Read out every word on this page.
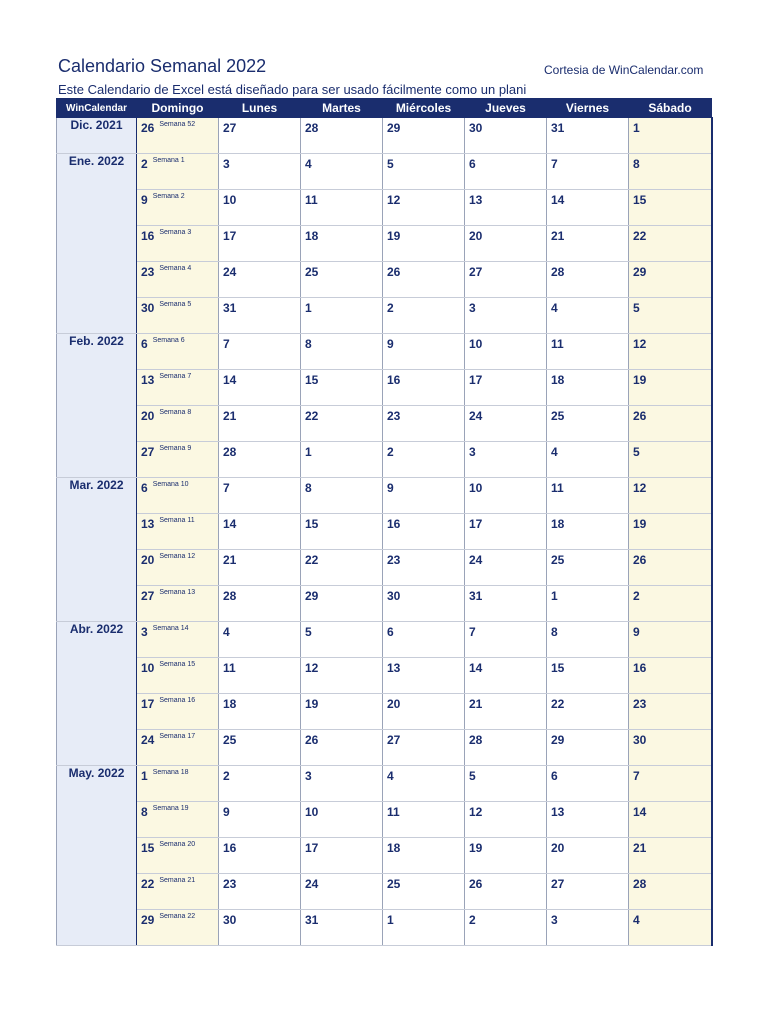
Calendario Semanal 2022	Cortesia de WinCalendar.com
Este Calendario de Excel está diseñado para ser usado fácilmente como un plani
WinCalendar	Domingo	Lunes	Martes	Miércoles	Jueves	Viernes	Sábado
Dic. 2021	26 $^{Semana 52}$	27	28	29	30	31	1

Ene. 2022	2 $^{Semana 1}$	3	4	5	6	7	8

	9 $^{Semana 2}$	10	11	12	13	14	15

	16 $^{Semana 3}$	17	18	19	20	21	22

	23 $^{Semana 4}$	24	25	26	27	28	29

	30 $^{Semana 5}$	31	1	2	3	4	5

Feb. 2022	6 $^{Semana 6}$	7	8	9	10	11	12

	13 $^{Semana 7}$	14	15	16	17	18	19

	20 $^{Semana 8}$	21	22	23	24	25	26

	27 $^{Semana 9}$	28	1	2	3	4	5

Mar. 2022	6 $^{Semana 10}$	7	8	9	10	11	12

	13 $^{Semana 11}$	14	15	16	17	18	19

	20 $^{Semana 12}$	21	22	23	24	25	26

	27 $^{Semana 13}$	28	29	30	31	1	2

Abr. 2022	3 $^{Semana 14}$	4	5	6	7	8	9

	10 $^{Semana 15}$	11	12	13	14	15	16

	17 $^{Semana 16}$	18	19	20	21	22	23

	24 $^{Semana 17}$	25	26	27	28	29	30

May. 2022	1 $^{Semana 18}$	2	3	4	5	6	7

	8 $^{Semana 19}$	9	10	11	12	13	14

	15 $^{Semana 20}$	16	17	18	19	20	21

	22 $^{Semana 21}$	23	24	25	26	27	28

	29 $^{Semana 22}$	30	31	1	2	3	4
